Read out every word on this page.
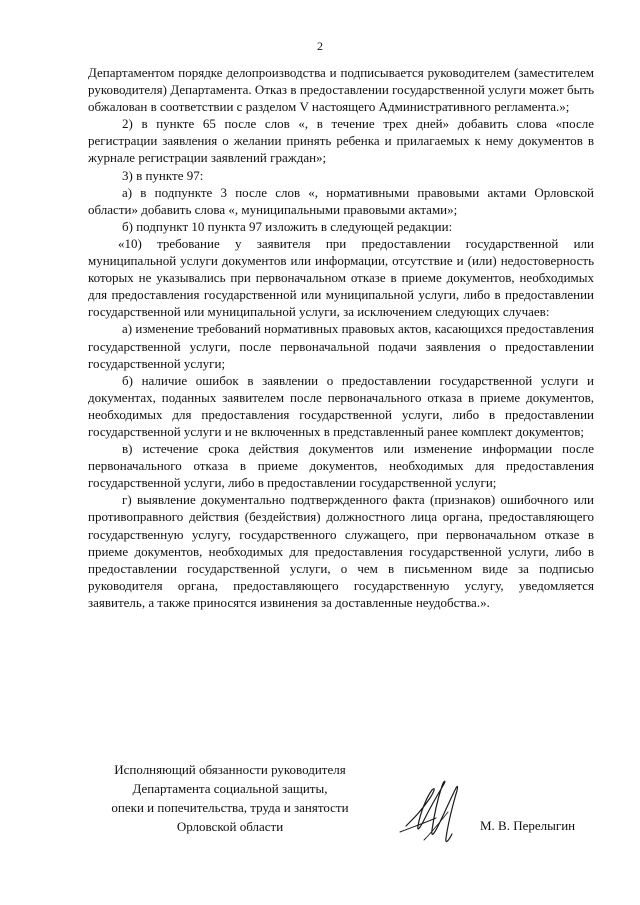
2

Департаментом порядке делопроизводства и подписывается руководителем (заместителем руководителя) Департамента. Отказ в предоставлении государственной услуги может быть обжалован в соответствии с разделом V настоящего Административного регламента.»;

2) в пункте 65 после слов «, в течение трех дней» добавить слова «после регистрации заявления о желании принять ребенка и прилагаемых к нему документов в журнале регистрации заявлений граждан»;

3) в пункте 97:

а) в подпункте 3 после слов «, нормативными правовыми актами Орловской области» добавить слова «, муниципальными правовыми актами»;

б) подпункт 10 пункта 97 изложить в следующей редакции:

«10) требование у заявителя при предоставлении государственной или муниципальной услуги документов или информации, отсутствие и (или) недостоверность которых не указывались при первоначальном отказе в приеме документов, необходимых для предоставления государственной или муниципальной услуги, либо в предоставлении государственной или муниципальной услуги, за исключением следующих случаев:

а) изменение требований нормативных правовых актов, касающихся предоставления государственной услуги, после первоначальной подачи заявления о предоставлении государственной услуги;

б) наличие ошибок в заявлении о предоставлении государственной услуги и документах, поданных заявителем после первоначального отказа в приеме документов, необходимых для предоставления государственной услуги, либо в предоставлении государственной услуги и не включенных в представленный ранее комплект документов;

в) истечение срока действия документов или изменение информации после первоначального отказа в приеме документов, необходимых для предоставления государственной услуги, либо в предоставлении государственной услуги;

г) выявление документально подтвержденного факта (признаков) ошибочного или противоправного действия (бездействия) должностного лица органа, предоставляющего государственную услугу, государственного служащего, при первоначальном отказе в приеме документов, необходимых для предоставления государственной услуги, либо в предоставлении государственной услуги, о чем в письменном виде за подписью руководителя органа, предоставляющего государственную услугу, уведомляется заявитель, а также приносятся извинения за доставленные неудобства.».

Исполняющий обязанности руководителя
Департамента социальной защиты,
опеки и попечительства, труда и занятости
Орловской области	М. В. Перелыгин
